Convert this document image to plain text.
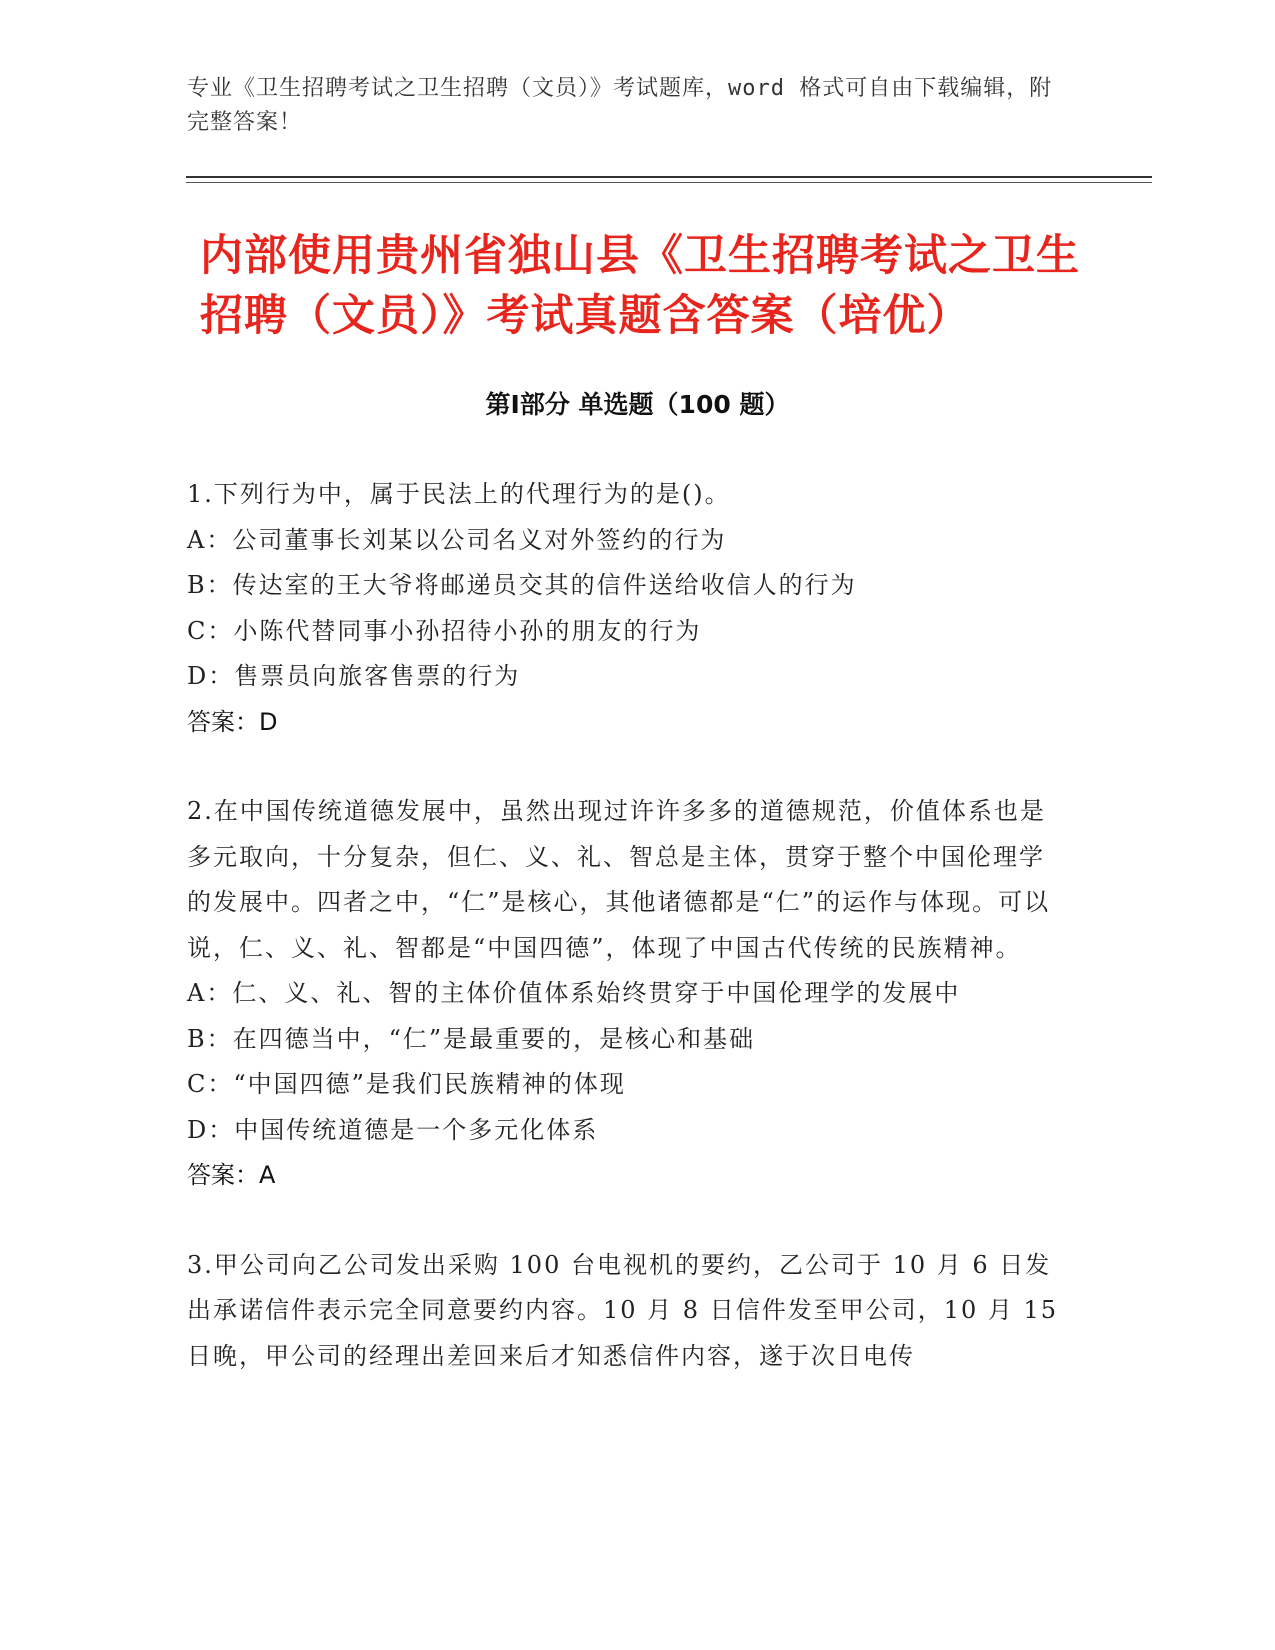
专业《卫生招聘考试之卫生招聘（文员）》考试题库，word 格式可自由下载编辑，附完整答案！
内部使用贵州省独山县《卫生招聘考试之卫生招聘（文员）》考试真题含答案（培优）
第Ⅰ部分 单选题（100 题）
1.下列行为中，属于民法上的代理行为的是()。
A：公司董事长刘某以公司名义对外签约的行为
B：传达室的王大爷将邮递员交其的信件送给收信人的行为
C：小陈代替同事小孙招待小孙的朋友的行为
D：售票员向旅客售票的行为
答案：D
2.在中国传统道德发展中，虽然出现过许许多多的道德规范，价值体系也是多元取向，十分复杂，但仁、义、礼、智总是主体，贯穿于整个中国伦理学的发展中。四者之中，“仁”是核心，其他诸德都是“仁”的运作与体现。可以说，仁、义、礼、智都是“中国四德”，体现了中国古代传统的民族精神。
A：仁、义、礼、智的主体价值体系始终贯穿于中国伦理学的发展中
B：在四德当中，“仁”是最重要的，是核心和基础
C：“中国四德”是我们民族精神的体现
D：中国传统道德是一个多元化体系
答案：A
3.甲公司向乙公司发出采购 100 台电视机的要约，乙公司于 10 月 6 日发出承诺信件表示完全同意要约内容。10 月 8 日信件发至甲公司，10 月 15 日晚，甲公司的经理出差回来后才知悉信件内容，遂于次日电传
